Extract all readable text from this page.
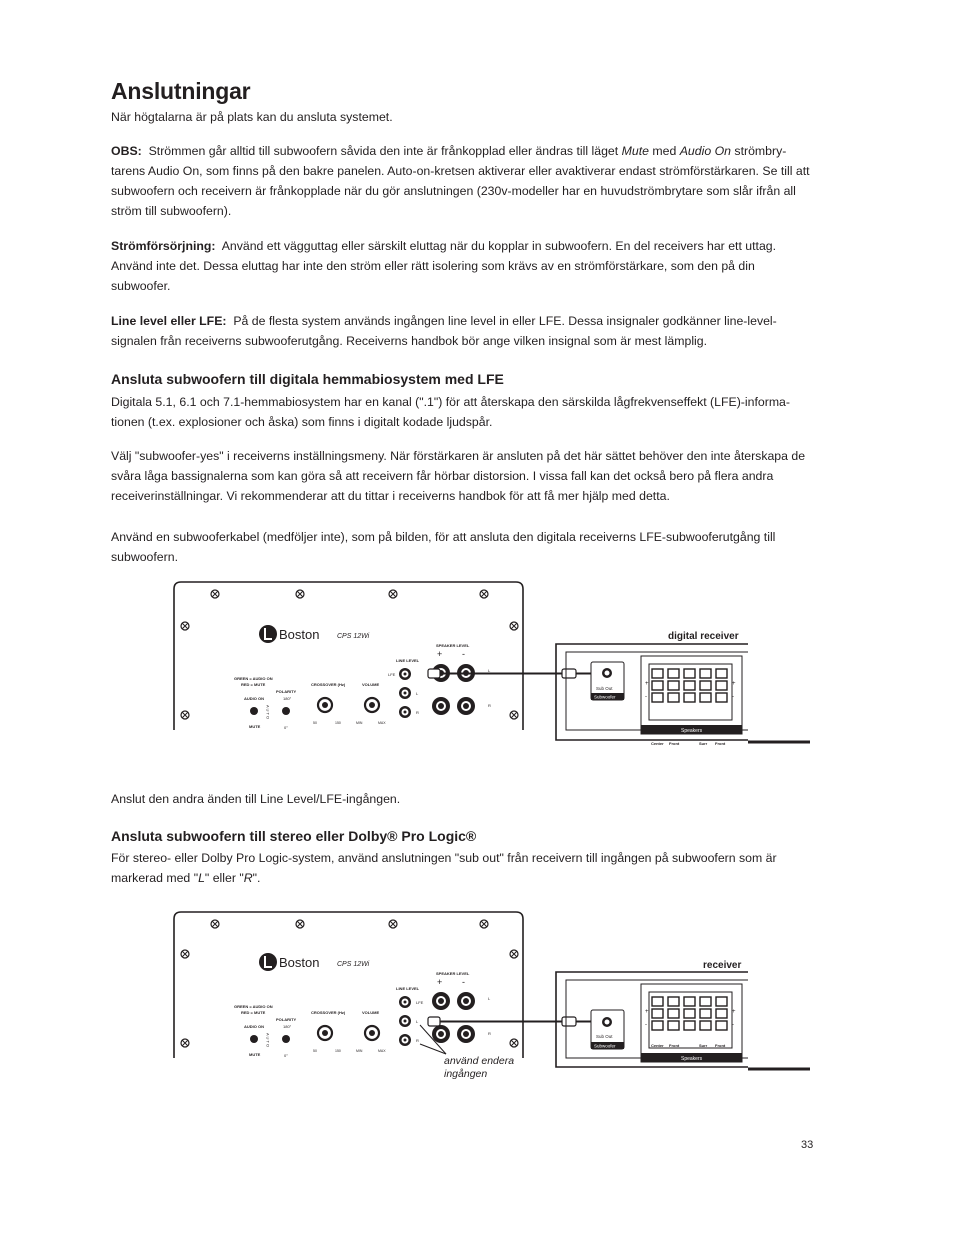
Anslutningar

När högtalarna är på plats kan du ansluta systemet.

OBS: Strömmen går alltid till subwoofern såvida den inte är frånkopplad eller ändras till läget Mute med Audio On strömbrytarens Audio On, som finns på den bakre panelen. Auto-on-kretsen aktiverar eller avaktiverar endast strömförstärkaren. Se till att subwoofern och receivern är frånkopplade när du gör anslutningen (230v-modeller har en huvudströmbrytare som slår ifrån all ström till subwoofern).

Strömförsörjning: Använd ett vägguttag eller särskilt eluttag när du kopplar in subwoofern. En del receivers har ett uttag. Använd inte det. Dessa eluttag har inte den ström eller rätt isolering som krävs av en strömförstärkare, som den på din subwoofer.

Line level eller LFE: På de flesta system används ingången line level in eller LFE. Dessa insignaler godkänner line-level-signalen från receiverns subwooferutgång. Receiverns handbok bör ange vilken insignal som är mest lämplig.

Ansluta subwoofern till digitala hemmabiosystem med LFE

Digitala 5.1, 6.1 och 7.1-hemmabiosystem har en kanal (".1") för att återskapa den särskilda lågfrekvenseffekt (LFE)-informationen (t.ex. explosioner och åska) som finns i digitalt kodade ljudspår.

Välj "subwoofer-yes" i receiverns inställningsmeny. När förstärkaren är ansluten på det här sättet behöver den inte återskapa de svåra låga bassignalerna som kan göra så att receivern får hörbar distorsion. I vissa fall kan det också bero på flera andra receiverinställningar. Vi rekommenderar att du tittar i receiverns handbok för att få mer hjälp med detta.

Använd en subwooferkabel (medföljer inte), som på bilden, för att ansluta den digitala receiverns LFE-subwooferutgång till subwoofern.

Boston	CPS 12Wi
SPEAKER LEVEL
+ -
LINE LEVEL
LFE
L
R
L
R
GREEN = AUDIO ON
RED = MUTE
AUDIO ON
POLARITY
180°
0°
A U T O
MUTE
CROSSOVER (Hz)	VOLUME
50	150	MIN	MAX
digital receiver
Sub Out
Subwoofer
Speakers
Center Front	Surr Front
+
-
+
-

Anslut den andra änden till Line Level/LFE-ingången.

Ansluta subwoofern till stereo eller Dolby® Pro Logic®

För stereo- eller Dolby Pro Logic-system, använd anslutningen "sub out" från receivern till ingången på subwoofern som är markerad med "L" eller "R".

Boston	CPS 12Wi
SPEAKER LEVEL
+ -
LINE LEVEL
LFE
L
R
L
R
GREEN = AUDIO ON
RED = MUTE
AUDIO ON
POLARITY
180°
0°
A U T O
MUTE
CROSSOVER (Hz)	VOLUME
50	150	MIN	MAX
använd endera
ingången
receiver
Sub Out
Subwoofer
Speakers
Center Front	Surr Front
+
-
+
-

33
